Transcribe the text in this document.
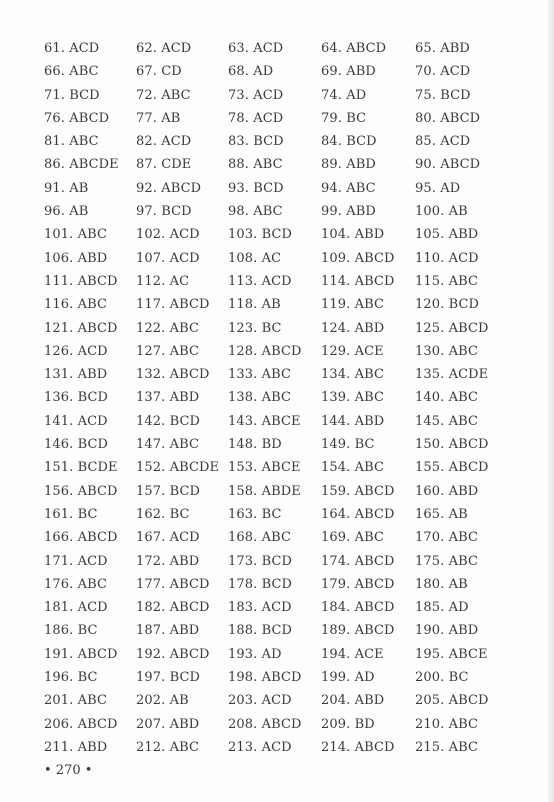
61. ACD	62. ACD	63. ACD	64. ABCD	65. ABD
66. ABC	67. CD	68. AD	69. ABD	70. ACD
71. BCD	72. ABC	73. ACD	74. AD	75. BCD
76. ABCD	77. AB	78. ACD	79. BC	80. ABCD
81. ABC	82. ACD	83. BCD	84. BCD	85. ACD
86. ABCDE	87. CDE	88. ABC	89. ABD	90. ABCD
91. AB	92. ABCD	93. BCD	94. ABC	95. AD
96. AB	97. BCD	98. ABC	99. ABD	100. AB
101. ABC	102. ACD	103. BCD	104. ABD	105. ABD
106. ABD	107. ACD	108. AC	109. ABCD	110. ACD
111. ABCD	112. AC	113. ACD	114. ABCD	115. ABC
116. ABC	117. ABCD	118. AB	119. ABC	120. BCD
121. ABCD	122. ABC	123. BC	124. ABD	125. ABCD
126. ACD	127. ABC	128. ABCD	129. ACE	130. ABC
131. ABD	132. ABCD	133. ABC	134. ABC	135. ACDE
136. BCD	137. ABD	138. ABC	139. ABC	140. ABC
141. ACD	142. BCD	143. ABCE	144. ABD	145. ABC
146. BCD	147. ABC	148. BD	149. BC	150. ABCD
151. BCDE	152. ABCDE 153. ABCE	154. ABC	155. ABCD
156. ABCD	157. BCD	158. ABDE	159. ABCD	160. ABD
161. BC	162. BC	163. BC	164. ABCD	165. AB
166. ABCD	167. ACD	168. ABC	169. ABC	170. ABC
171. ACD	172. ABD	173. BCD	174. ABCD	175. ABC
176. ABC	177. ABCD	178. BCD	179. ABCD	180. AB
181. ACD	182. ABCD	183. ACD	184. ABCD	185. AD
186. BC	187. ABD	188. BCD	189. ABCD	190. ABD
191. ABCD	192. ABCD	193. AD	194. ACE	195. ABCE
196. BC	197. BCD	198. ABCD	199. AD	200. BC
201. ABC	202. AB	203. ACD	204. ABD	205. ABCD
206. ABCD	207. ABD	208. ABCD	209. BD	210. ABC
211. ABD	212. ABC	213. ACD	214. ABCD	215. ABC
• 270 •
